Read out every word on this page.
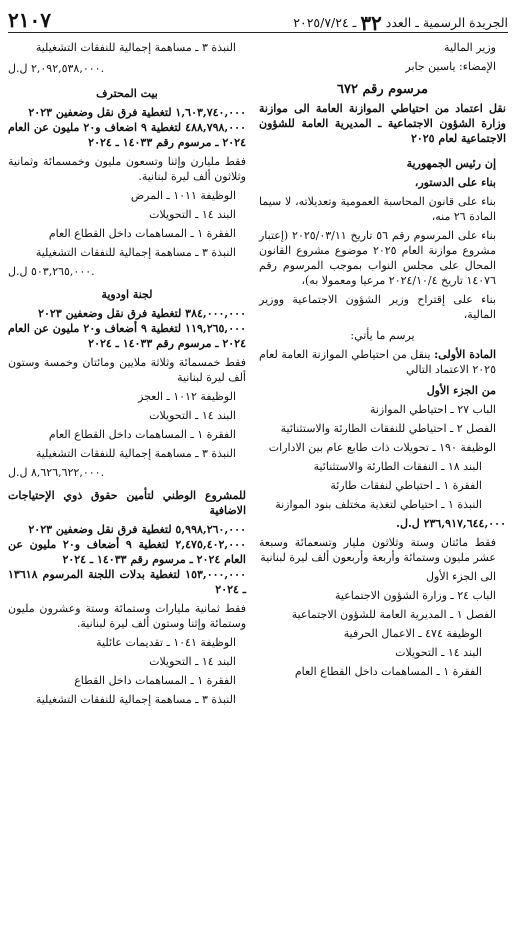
الجريدة الرسمية ـ العدد ٣٢ ـ ٢٠٢٥/٧/٢٤
٢١٠٧

وزير المالية

الإمضاء: ياسين جابر

مرسوم رقم ٦٧٢

نقل اعتماد من احتياطي الموازنة العامة الى موازنة وزارة الشؤون الاجتماعية ـ المديرية العامة للشؤون الاجتماعية لعام ٢٠٢٥

إن رئيس الجمهورية

بناء على الدستور،

بناء على قانون المحاسبة العمومية وتعديلاته، لا سيما المادة ٢٦ منه،

بناء على المرسوم رقم ٥٦ تاريخ ٢٠٢٥/٠٣/١١ (إعتبار مشروع موازنة العام ٢٠٢٥ موضوع مشروع القانون المحال على مجلس النواب بموجب المرسوم رقم ١٤٠٧٦ تاريخ ٢٠٢٤/١٠/٤ مرعيا ومعمولا به)،

بناء على إقتراح وزير الشؤون الاجتماعية ووزير المالية،

يرسم ما يأتي:

المادة الأولى: ينقل من احتياطي الموازنة العامة لعام ٢٠٢٥ الاعتماد التالي

من الجزء الأول

الباب ٢٧ ـ احتياطي الموازنة

الفصل ٢ ـ احتياطي للنفقات الطارئة والاستثنائية

الوظيفة ١٩٠ ـ تحويلات ذات طابع عام بين الادارات

البند ١٨ ـ النفقات الطارئة والاستثنائية

الفقرة ١ ـ احتياطي لنفقات طارئة

النبذة ١ ـ احتياطي لتغذية مختلف بنود الموازنة

٢٣٦,٩١٧,٦٤٤,٠٠٠ ل.ل.

فقط مائتان وستة وثلاثون مليار وتسعمائة وسبعة عشر مليون وستمائة وأربعة وأربعون ألف ليرة لبنانية

الى الجزء الأول

الباب ٢٤ ـ وزارة الشؤون الاجتماعية

الفصل ١ ـ المديرية العامة للشؤون الاجتماعية

الوظيفة ٤٧٤ ـ الاعمال الحرفية

البند ١٤ ـ التحويلات

الفقرة ١ ـ المساهمات داخل القطاع العام

النبذة ٣ ـ مساهمة إجمالية للنفقات التشغيلية

٢,٠٩٢,٥٣٨,٠٠٠ ل.ل.

بيت المحترف

١,٦٠٣,٧٤٠,٠٠٠ لتغطية فرق نقل وضعفين ٢٠٢٣

٤٨٨,٧٩٨,٠٠٠ لتغطية ٩ اضعاف و٢٠ مليون عن العام ٢٠٢٤ ـ مرسوم رقم ١٤٠٣٣ ـ ٢٠٢٤

فقط مليارن وإثنا وتسعون مليون وخمسمائة وثمانية وثلاثون ألف ليرة لبنانية.

الوظيفة ١٠١١ ـ المرض

البند ١٤ ـ التحويلات

الفقرة ١ ـ المساهمات داخل القطاع العام

النبذة ٣ ـ مساهمة إجمالية للنفقات التشغيلية

٥٠٣,٢٦٥,٠٠٠ ل.ل.

لجنة اودوية

٣٨٤,٠٠٠,٠٠٠ لتغطية فرق نقل وضعفين ٢٠٢٣

١١٩,٢٦٥,٠٠٠ لتغطية ٩ أضعاف و٢٠ مليون عن العام ٢٠٢٤ ـ مرسوم رقم ١٤٠٣٣ ـ ٢٠٢٤

فقط خمسمائة وثلاثة ملايين ومائتان وخمسة وستون ألف ليرة لبنانية

الوظيفة ١٠١٢ ـ العجز

البند ١٤ ـ التحويلات

الفقرة ١ ـ المساهمات داخل القطاع العام

النبذة ٣ ـ مساهمة إجمالية للنفقات التشغيلية

٨,٦٢٦,٦٢٢,٠٠٠ ل.ل.

للمشروع الوطني لتأمين حقوق ذوي الإحتياجات الاضافية

٥,٩٩٨,٢٦٠,٠٠٠ لتغطية فرق نقل وضعفين ٢٠٢٣

٢,٤٧٥,٤٠٢,٠٠٠ لتغطية ٩ أضعاف و٢٠ مليون عن العام ٢٠٢٤ ـ مرسوم رقم ١٤٠٣٣ ـ ٢٠٢٤

١٥٣,٠٠٠,٠٠٠ لتغطية بدلات اللجنة المرسوم ١٣٦١٨ ـ ٢٠٢٤

فقط ثمانية مليارات وستمائة وستة وعشرون مليون وستمائة وإثنا وستون ألف ليرة لبنانية.

الوظيفة ١٠٤١ ـ تقديمات عائلية

البند ١٤ ـ التحويلات

الفقرة ١ ـ المساهمات داخل القطاع

النبذة ٣ ـ مساهمة إجمالية للنفقات التشغيلية
